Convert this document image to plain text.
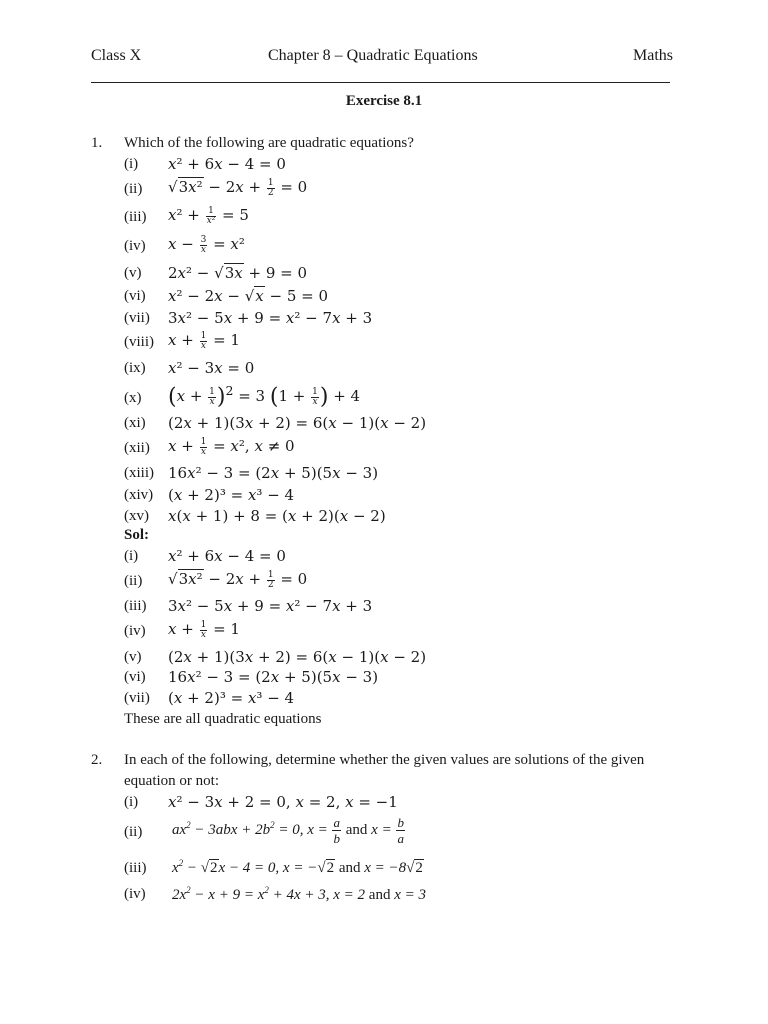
Class X	Chapter 8 – Quadratic Equations	Maths
Exercise 8.1
1. Which of the following are quadratic equations?
(i) x² + 6x − 4 = 0
(ii) $√3x^2 - 2x + \frac{1}{2} = 0$
(iii) $x^2 + \frac{1}{\text{x²}} = 5$
(iv) $x - \frac{3}{x} = x^2$
(v) 2x² − √3x + 9 = 0
(vi) x² − 2x − √x − 5 = 0
(vii) 3x² − 5x + 9 = x² − 7x + 3
(viii) $x + \frac{1}{x} = 1$
(ix) x² − 3x = 0
(x) $(x + \frac{1}{x} )^2 = 3$ ($1 + \frac{1}{x}$ ) + 4
(xi) (2x + 1)(3x + 2) = 6(x − 1)(x − 2)
(xii) $x + \frac{1}{x} = x^2$, x ≠ 0
(xiii) 16x² − 3 = (2x + 5)(5x − 3)
(xiv) (x + 2)³ = x³ − 4
(xv) x(x + 1) + 8 = (x + 2)(x − 2)
Sol:
(i) x² + 6x − 4 = 0
(ii) $√3x^2 - 2x + \frac{1}{2} = 0$
(iii) 3x² − 5x + 9 = x² − 7x + 3
(iv) $x + \frac{1}{x} = 1$
(v) (2x + 1)(3x + 2) = 6(x − 1)(x − 2)
(vi) 16x² − 3 = (2x + 5)(5x − 3)
(vii) (x + 2)³ = x³ − 4
These are all quadratic equations
2. In each of the following, determine whether the given values are solutions of the given
equation or not:
(i) x² − 3x + 2 = 0, x = 2, x = −1
(ii) $ax^2 - 3abx + 2b^2 = 0$, $x = \frac{a}{b}$ and $x = \frac{b}{a}$
(iii) $x^2 - √2x - 4 = 0$, x = −√2 and x = −8√2
(iv) $2x^2 - x + 9 = x^2 + 4x + 3$, x = 2 and x = 3
